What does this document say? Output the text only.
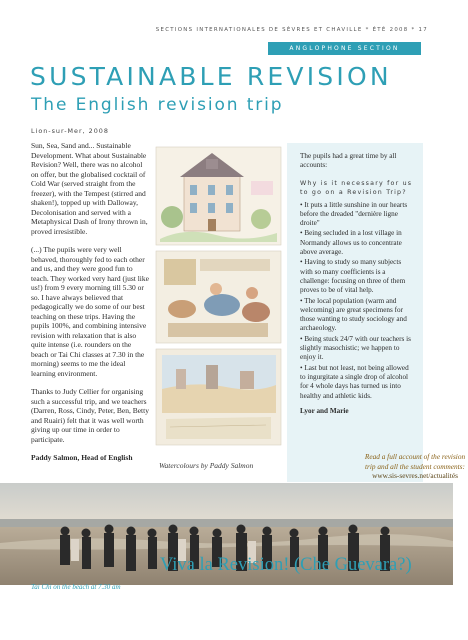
SECTIONS INTERNATIONALES DE SÈVRES ET CHAVILLE * ÉTÉ 2008 * 17
ANGLOPHONE SECTION
SUSTAINABLE REVISION
The English revision trip
Lion-sur-Mer, 2008

Sun, Sea, Sand and... Sustainable Development. What about Sustainable Revision? Well, there was no alcohol on offer, but the globalised cocktail of Cold War (served straight from the freezer), with the Tempest (stirred and shaken!), topped up with Dalloway, Decolonisation and served with a Metaphysical Dash of Irony thrown in, proved irresistible.

(...) The pupils were very well behaved, thoroughly fed to each other and us, and they were good fun to teach. They worked very hard (just like us!) from 9 every morning till 5.30 or so. I have always believed that pedagogically we do some of our best teaching on these trips. Having the pupils 100%, and combining intensive revision with relaxation that is also quite intense (i.e. rounders on the beach or Tai Chi classes at 7.30 in the morning) seems to me the ideal learning environment.

Thanks to Judy Cellier for organising such a successful trip, and we teachers (Darren, Ross, Cindy, Peter, Ben, Betty and Ruairi) felt that it was well worth giving up our time in order to participate.

Paddy Salmon, Head of English

Watercolours by Paddy Salmon

The pupils had a great time by all accounts:

Why is it necessary for us to go on a Revision Trip?

• It puts a little sunshine in our hearts before the dreaded "dernière ligne droite"
• Being secluded in a lost village in Normandy allows us to concentrate above average.
• Having to study so many subjects with so many coefficients is a challenge: focusing on three of them proves to be of vital help.
• The local population (warm and welcoming) are great specimens for those wanting to study sociology and archaeology.
• Being stuck 24/7 with our teachers is slightly masochistic; we happen to enjoy it.
• Last but not least, not being allowed to ingurgitate a single drop of alcohol for 4 whole days has turned us into healthy and athletic kids.

Lyor and Marie

Read a full account of the revision trip and all the student comments:
www.sis-sevres.net/actualités
Tai Chi on the beach at 7.30 am
Viva la Revision! (Che Guevara?)
